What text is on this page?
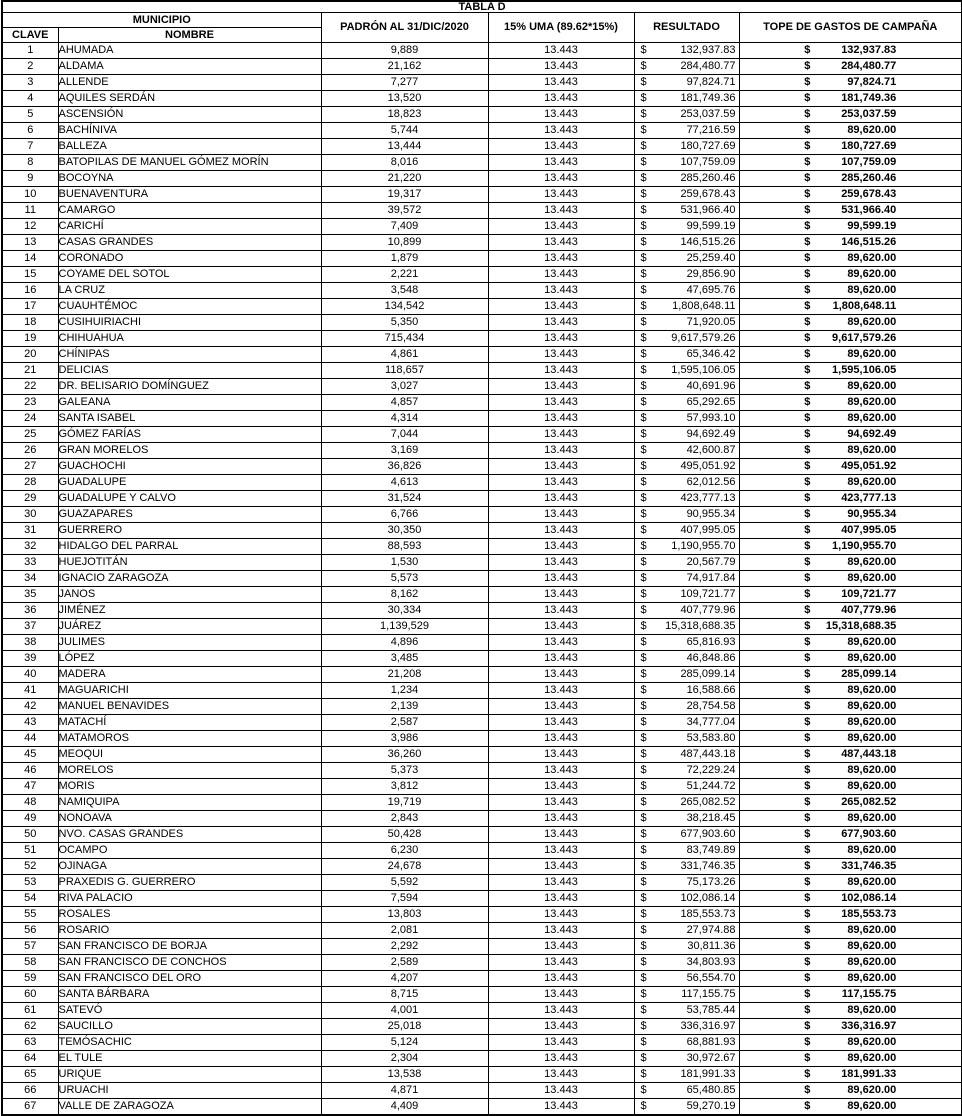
TABLA D					
MUNICIPIO		PADRÓN AL 31/DIC/2020	15% UMA (89.62*15%)	RESULTADO	TOPE DE GASTOS DE CAMPAÑA
CLAVE	NOMBRE				
1	AHUMADA	9,889	13.443	$ 132,937.83	$ 132,937.83

2	ALDAMA	21,162	13.443	$ 284,480.77	$ 284,480.77

3	ALLENDE	7,277	13.443	$ 97,824.71	$ 97,824.71

4	AQUILES SERDÁN	13,520	13.443	$ 181,749.36	$ 181,749.36

5	ASCENSIÓN	18,823	13.443	$ 253,037.59	$ 253,037.59

6	BACHÍNIVA	5,744	13.443	$ 77,216.59	$ 89,620.00

7	BALLEZA	13,444	13.443	$ 180,727.69	$ 180,727.69

8	BATOPILAS DE MANUEL GÓMEZ MORÍN	8,016	13.443	$ 107,759.09	$ 107,759.09

9	BOCOYNA	21,220	13.443	$ 285,260.46	$ 285,260.46

10	BUENAVENTURA	19,317	13.443	$ 259,678.43	$ 259,678.43

11	CAMARGO	39,572	13.443	$ 531,966.40	$ 531,966.40

12	CARICHÍ	7,409	13.443	$ 99,599.19	$ 99,599.19

13	CASAS GRANDES	10,899	13.443	$ 146,515.26	$ 146,515.26

14	CORONADO	1,879	13.443	$ 25,259.40	$ 89,620.00

15	COYAME DEL SOTOL	2,221	13.443	$ 29,856.90	$ 89,620.00

16	LA CRUZ	3,548	13.443	$ 47,695.76	$ 89,620.00

17	CUAUHTÉMOC	134,542	13.443	$ 1,808,648.11	$ 1,808,648.11

18	CUSIHUIRIACHI	5,350	13.443	$ 71,920.05	$ 89,620.00

19	CHIHUAHUA	715,434	13.443	$ 9,617,579.26	$ 9,617,579.26

20	CHÍNIPAS	4,861	13.443	$ 65,346.42	$ 89,620.00

21	DELICIAS	118,657	13.443	$ 1,595,106.05	$ 1,595,106.05

22	DR. BELISARIO DOMÍNGUEZ	3,027	13.443	$ 40,691.96	$ 89,620.00

23	GALEANA	4,857	13.443	$ 65,292.65	$ 89,620.00

24	SANTA ISABEL	4,314	13.443	$ 57,993.10	$ 89,620.00

25	GÓMEZ FARÍAS	7,044	13.443	$ 94,692.49	$ 94,692.49

26	GRAN MORELOS	3,169	13.443	$ 42,600.87	$ 89,620.00

27	GUACHOCHI	36,826	13.443	$ 495,051.92	$ 495,051.92

28	GUADALUPE	4,613	13.443	$ 62,012.56	$ 89,620.00

29	GUADALUPE Y CALVO	31,524	13.443	$ 423,777.13	$ 423,777.13

30	GUAZAPARES	6,766	13.443	$ 90,955.34	$ 90,955.34

31	GUERRERO	30,350	13.443	$ 407,995.05	$ 407,995.05

32	HIDALGO DEL PARRAL	88,593	13.443	$ 1,190,955.70	$ 1,190,955.70

33	HUEJOTITÁN	1,530	13.443	$ 20,567.79	$ 89,620.00

34	IGNACIO ZARAGOZA	5,573	13.443	$ 74,917.84	$ 89,620.00

35	JANOS	8,162	13.443	$ 109,721.77	$ 109,721.77

36	JIMÉNEZ	30,334	13.443	$ 407,779.96	$ 407,779.96

37	JUÁREZ	1,139,529	13.443	$ 15,318,688.35	$ 15,318,688.35

38	JULIMES	4,896	13.443	$ 65,816.93	$ 89,620.00

39	LÓPEZ	3,485	13.443	$ 46,848.86	$ 89,620.00

40	MADERA	21,208	13.443	$ 285,099.14	$ 285,099.14

41	MAGUARICHI	1,234	13.443	$ 16,588.66	$ 89,620.00

42	MANUEL BENAVIDES	2,139	13.443	$ 28,754.58	$ 89,620.00

43	MATACHÍ	2,587	13.443	$ 34,777.04	$ 89,620.00

44	MATAMOROS	3,986	13.443	$ 53,583.80	$ 89,620.00

45	MEOQUI	36,260	13.443	$ 487,443.18	$ 487,443.18

46	MORELOS	5,373	13.443	$ 72,229.24	$ 89,620.00

47	MORIS	3,812	13.443	$ 51,244.72	$ 89,620.00

48	NAMIQUIPA	19,719	13.443	$ 265,082.52	$ 265,082.52

49	NONOAVA	2,843	13.443	$ 38,218.45	$ 89,620.00

50	NVO. CASAS GRANDES	50,428	13.443	$ 677,903.60	$ 677,903.60

51	OCAMPO	6,230	13.443	$ 83,749.89	$ 89,620.00

52	OJINAGA	24,678	13.443	$ 331,746.35	$ 331,746.35

53	PRAXEDIS G. GUERRERO	5,592	13.443	$ 75,173.26	$ 89,620.00

54	RIVA PALACIO	7,594	13.443	$ 102,086.14	$ 102,086.14

55	ROSALES	13,803	13.443	$ 185,553.73	$ 185,553.73

56	ROSARIO	2,081	13.443	$ 27,974.88	$ 89,620.00

57	SAN FRANCISCO DE BORJA	2,292	13.443	$ 30,811.36	$ 89,620.00

58	SAN FRANCISCO DE CONCHOS	2,589	13.443	$ 34,803.93	$ 89,620.00

59	SAN FRANCISCO DEL ORO	4,207	13.443	$ 56,554.70	$ 89,620.00

60	SANTA BÁRBARA	8,715	13.443	$ 117,155.75	$ 117,155.75

61	SATEVÓ	4,001	13.443	$ 53,785.44	$ 89,620.00

62	SAUCILLO	25,018	13.443	$ 336,316.97	$ 336,316.97

63	TEMÓSACHIC	5,124	13.443	$ 68,881.93	$ 89,620.00

64	EL TULE	2,304	13.443	$ 30,972.67	$ 89,620.00

65	URIQUE	13,538	13.443	$ 181,991.33	$ 181,991.33

66	URUACHI	4,871	13.443	$ 65,480.85	$ 89,620.00

67	VALLE DE ZARAGOZA	4,409	13.443	$ 59,270.19	$ 89,620.00
